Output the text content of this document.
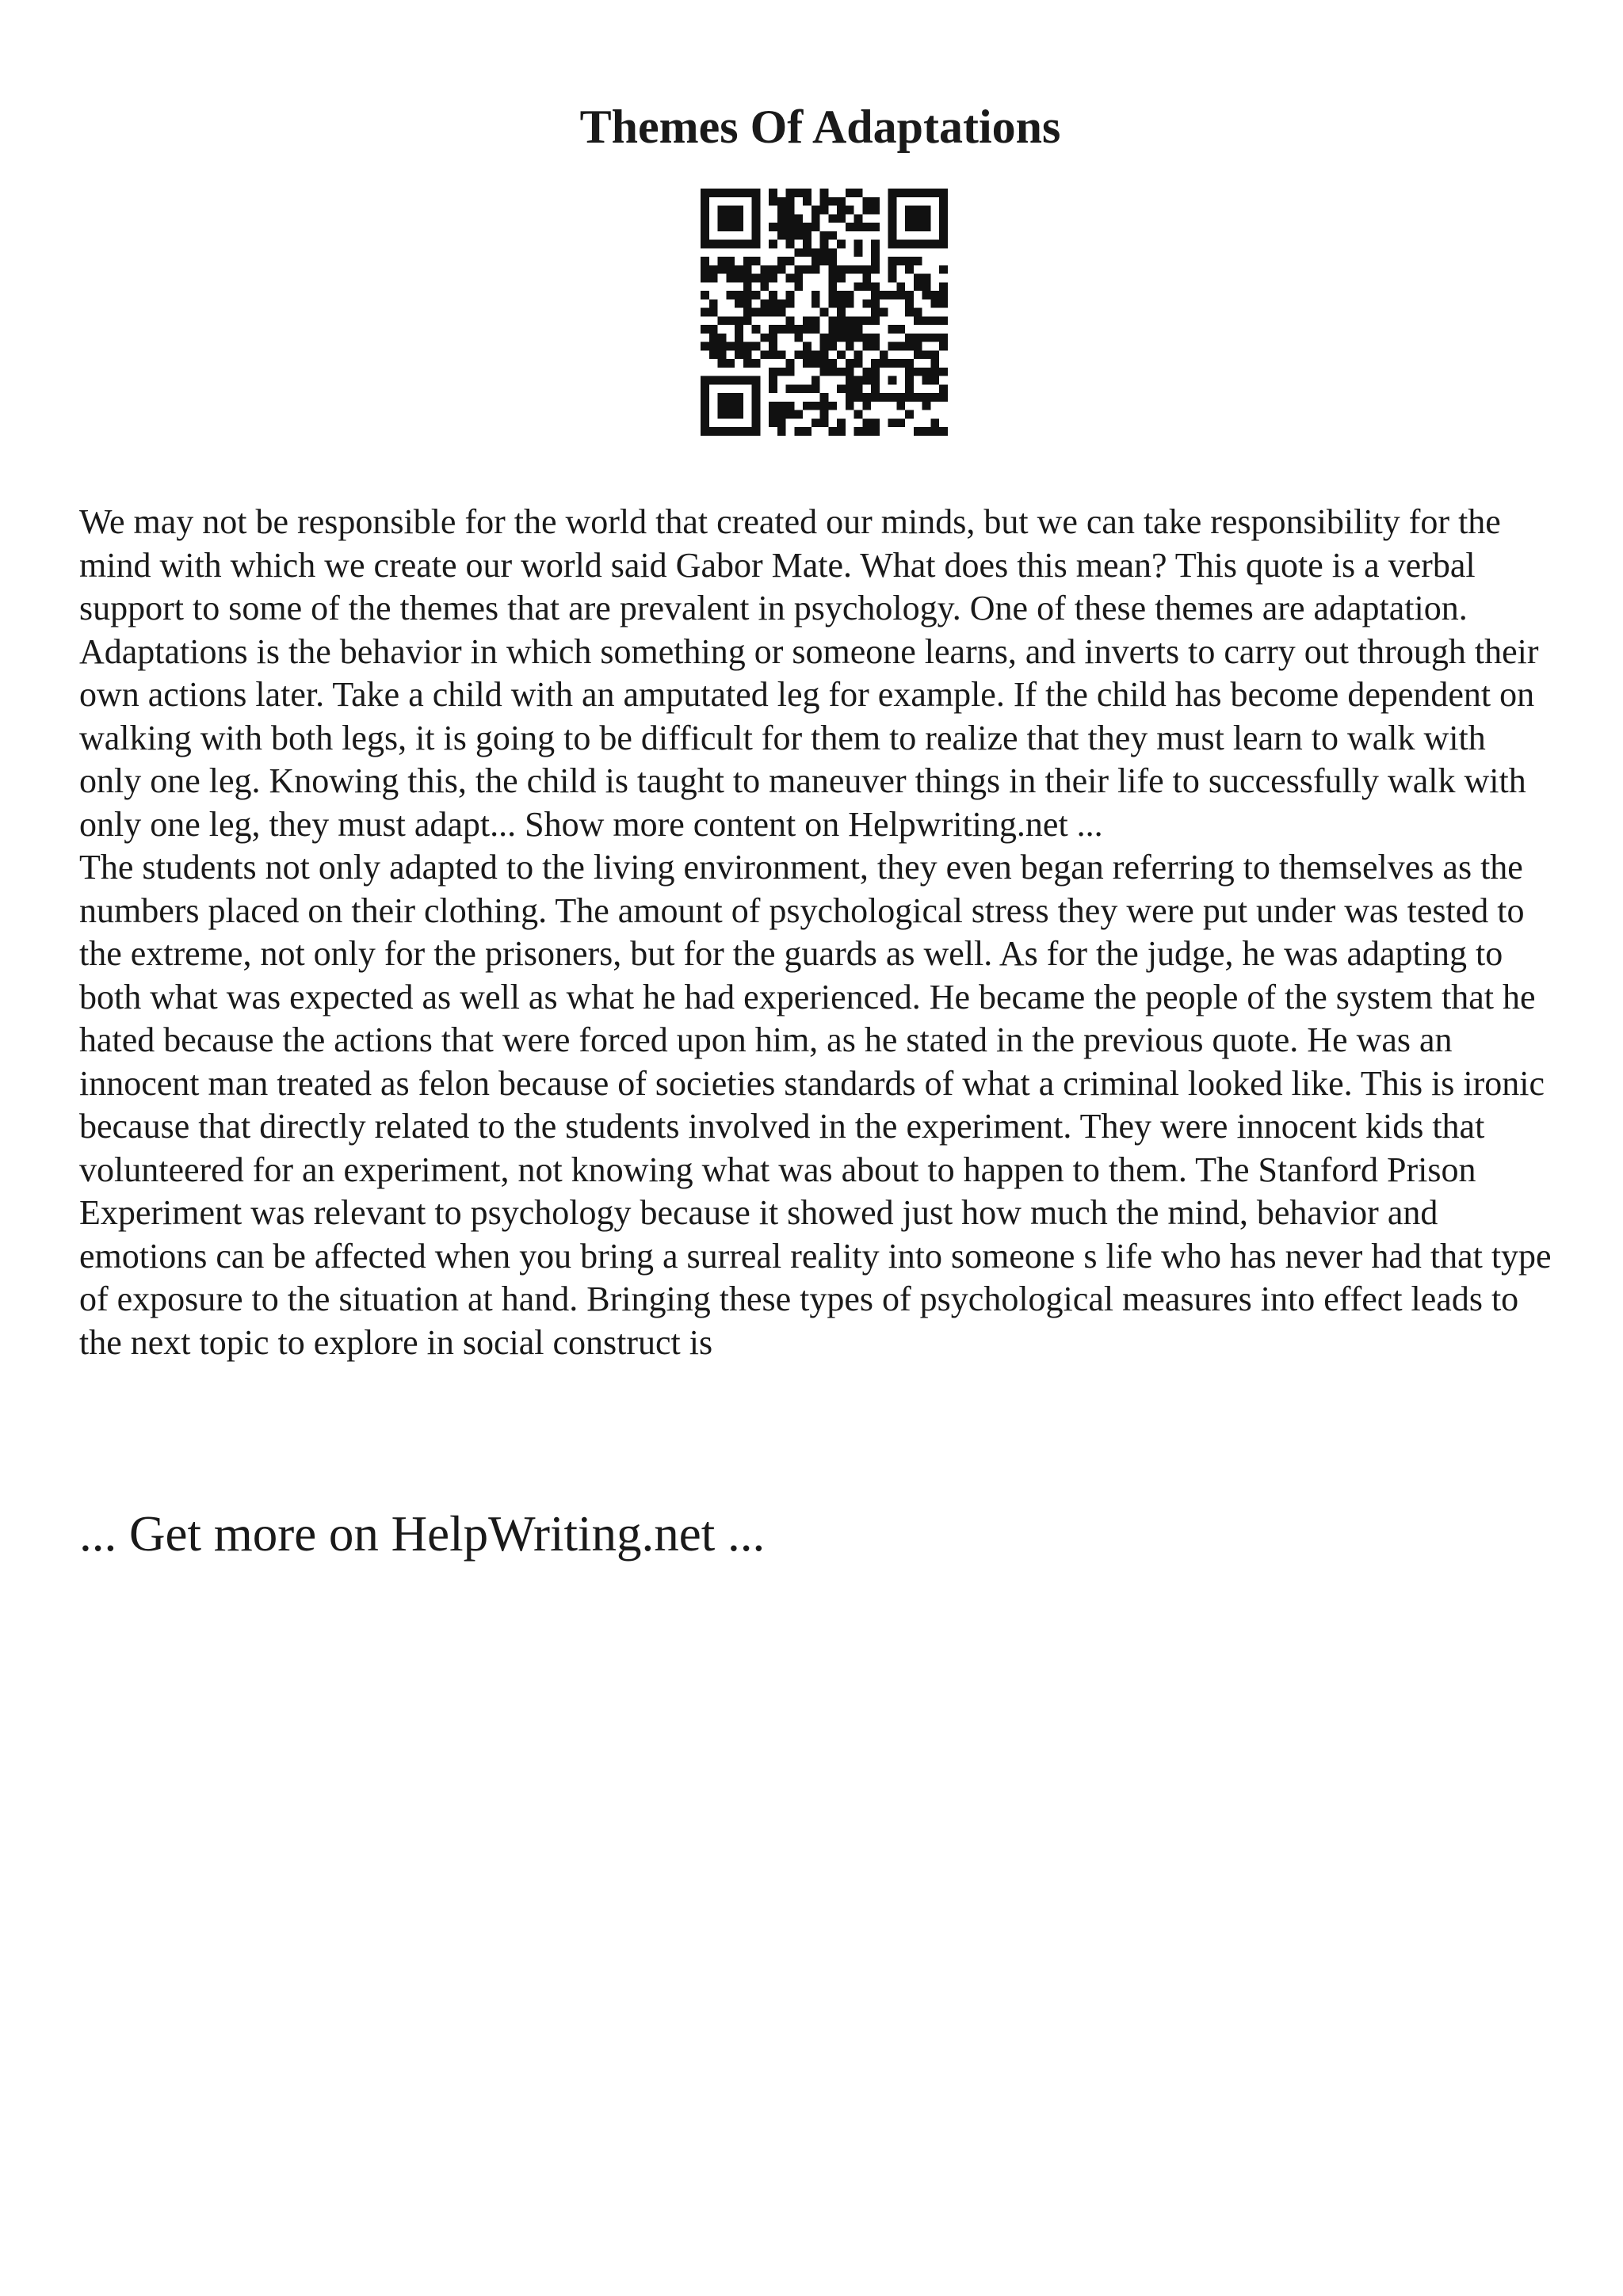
Themes Of Adaptations

We may not be responsible for the world that created our minds, but we can take responsibility for the mind with which we create our world said Gabor Mate. What does this mean? This quote is a verbal support to some of the themes that are prevalent in psychology. One of these themes are adaptation. Adaptations is the behavior in which something or someone learns, and inverts to carry out through their own actions later. Take a child with an amputated leg for example. If the child has become dependent on walking with both legs, it is going to be difficult for them to realize that they must learn to walk with only one leg. Knowing this, the child is taught to maneuver things in their life to successfully walk with only one leg, they must adapt... Show more content on Helpwriting.net ...

The students not only adapted to the living environment, they even began referring to themselves as the numbers placed on their clothing. The amount of psychological stress they were put under was tested to the extreme, not only for the prisoners, but for the guards as well. As for the judge, he was adapting to both what was expected as well as what he had experienced. He became the people of the system that he hated because the actions that were forced upon him, as he stated in the previous quote. He was an innocent man treated as felon because of societies standards of what a criminal looked like. This is ironic because that directly related to the students involved in the experiment. They were innocent kids that volunteered for an experiment, not knowing what was about to happen to them. The Stanford Prison Experiment was relevant to psychology because it showed just how much the mind, behavior and emotions can be affected when you bring a surreal reality into someone s life who has never had that type of exposure to the situation at hand. Bringing these types of psychological measures into effect leads to the next topic to explore in social construct is

... Get more on HelpWriting.net ...
